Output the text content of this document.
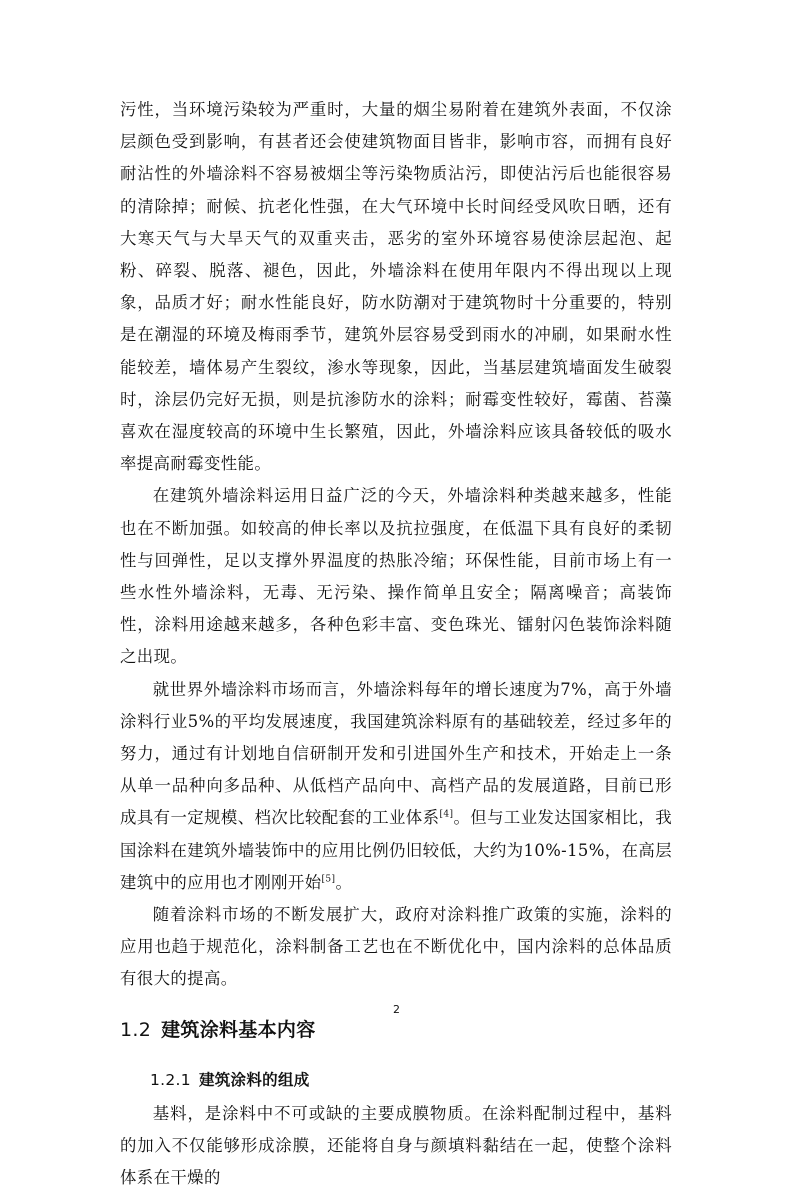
污性，当环境污染较为严重时，大量的烟尘易附着在建筑外表面，不仅涂层颜色受到影响，有甚者还会使建筑物面目皆非，影响市容，而拥有良好耐沾性的外墙涂料不容易被烟尘等污染物质沾污，即使沾污后也能很容易的清除掉；耐候、抗老化性强，在大气环境中长时间经受风吹日晒，还有大寒天气与大旱天气的双重夹击，恶劣的室外环境容易使涂层起泡、起粉、碎裂、脱落、褪色，因此，外墙涂料在使用年限内不得出现以上现象，品质才好；耐水性能良好，防水防潮对于建筑物时十分重要的，特别是在潮湿的环境及梅雨季节，建筑外层容易受到雨水的冲刷，如果耐水性能较差，墙体易产生裂纹，渗水等现象，因此，当基层建筑墙面发生破裂时，涂层仍完好无损，则是抗渗防水的涂料；耐霉变性较好，霉菌、苔藻喜欢在湿度较高的环境中生长繁殖，因此，外墙涂料应该具备较低的吸水率提高耐霉变性能。

在建筑外墙涂料运用日益广泛的今天，外墙涂料种类越来越多，性能也在不断加强。如较高的伸长率以及抗拉强度，在低温下具有良好的柔韧性与回弹性，足以支撑外界温度的热胀冷缩；环保性能，目前市场上有一些水性外墙涂料，无毒、无污染、操作简单且安全；隔离噪音；高装饰性，涂料用途越来越多，各种色彩丰富、变色珠光、镭射闪色装饰涂料随之出现。

就世界外墙涂料市场而言，外墙涂料每年的增长速度为7%，高于外墙涂料行业5%的平均发展速度，我国建筑涂料原有的基础较差，经过多年的努力，通过有计划地自信研制开发和引进国外生产和技术，开始走上一条从单一品种向多品种、从低档产品向中、高档产品的发展道路，目前已形成具有一定规模、档次比较配套的工业体系[4]。但与工业发达国家相比，我国涂料在建筑外墙装饰中的应用比例仍旧较低，大约为10%-15%，在高层建筑中的应用也才刚刚开始[5]。

随着涂料市场的不断发展扩大，政府对涂料推广政策的实施，涂料的应用也趋于规范化，涂料制备工艺也在不断优化中，国内涂料的总体品质有很大的提高。

1.2 建筑涂料基本内容
1.2.1 建筑涂料的组成

基料，是涂料中不可或缺的主要成膜物质。在涂料配制过程中，基料的加入不仅能够形成涂膜，还能将自身与颜填料黏结在一起，使整个涂料体系在干燥的

2
